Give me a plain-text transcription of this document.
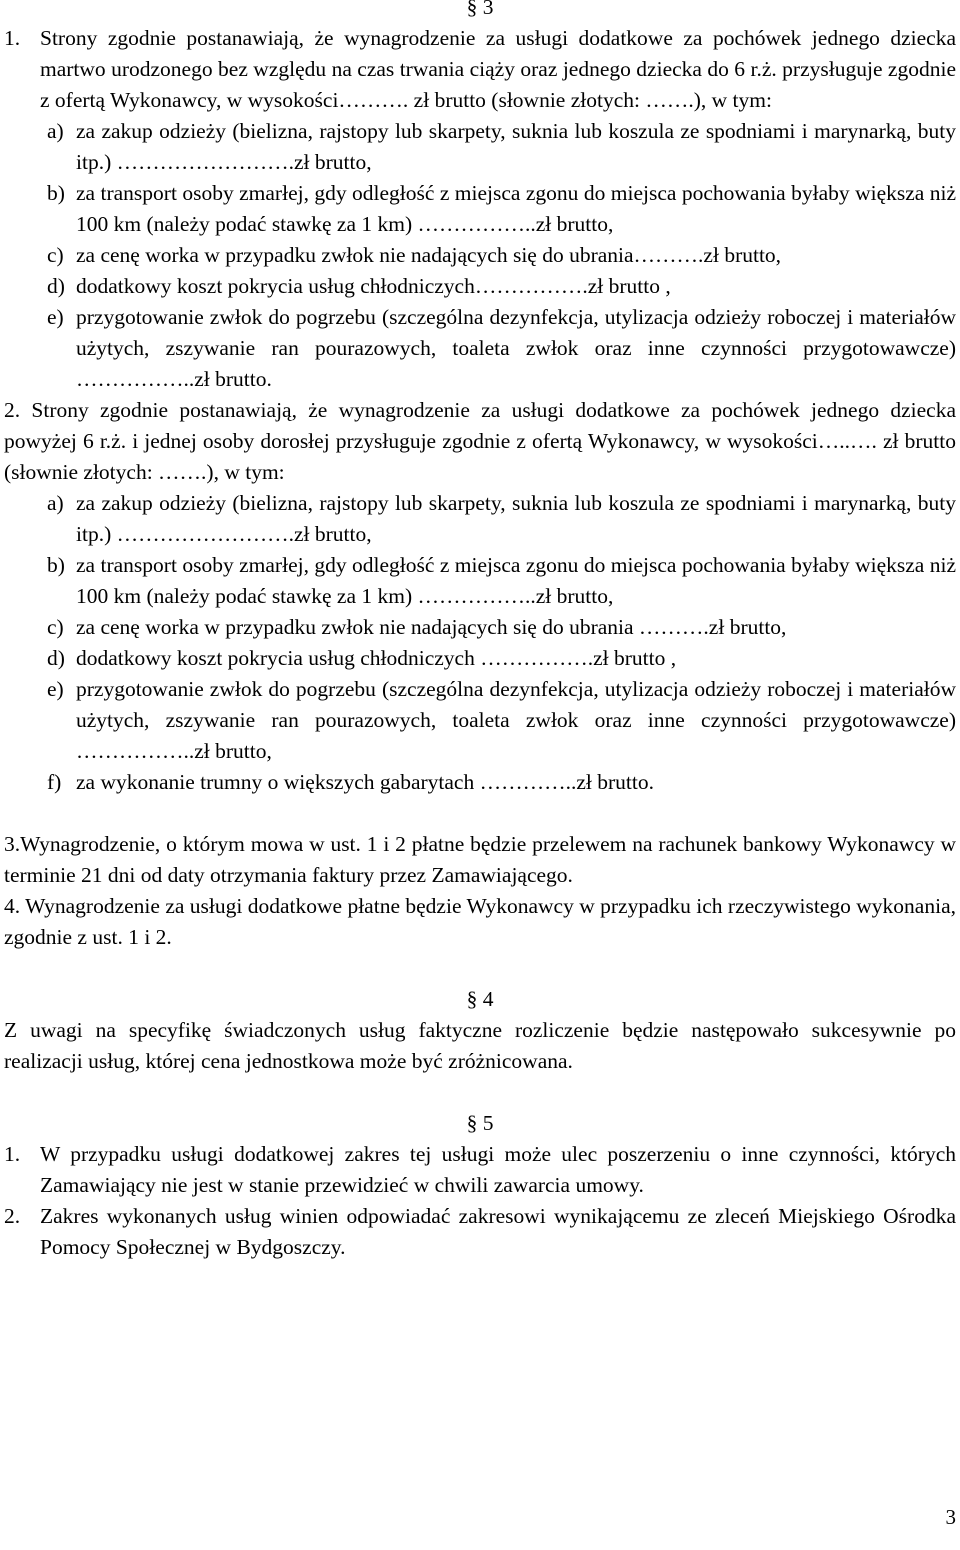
§ 3
1. Strony zgodnie postanawiają, że wynagrodzenie za usługi dodatkowe za pochówek jednego dziecka martwo urodzonego bez względu na czas trwania ciąży oraz jednego dziecka do 6 r.ż. przysługuje zgodnie z ofertą Wykonawcy, w wysokości………. zł brutto (słownie złotych: …….), w tym:
a) za zakup odzieży (bielizna, rajstopy lub skarpety, suknia lub koszula ze spodniami i marynarką, buty itp.) …………………….zł brutto,
b) za transport osoby zmarłej, gdy odległość z miejsca zgonu do miejsca pochowania byłaby większa niż 100 km (należy podać stawkę za 1 km) ……………..zł brutto,
c) za cenę worka w przypadku zwłok nie nadających się do ubrania……….zł brutto,
d) dodatkowy koszt pokrycia usług chłodniczych…………….zł brutto ,
e) przygotowanie zwłok do pogrzebu (szczególna dezynfekcja, utylizacja odzieży roboczej i materiałów użytych, zszywanie ran pourazowych, toaleta zwłok oraz inne czynności przygotowawcze) ……………..zł brutto.

2. Strony zgodnie postanawiają, że wynagrodzenie za usługi dodatkowe za pochówek jednego dziecka powyżej 6 r.ż. i jednej osoby dorosłej przysługuje zgodnie z ofertą Wykonawcy, w wysokości…..…. zł brutto (słownie złotych: …….), w tym:

a) za zakup odzieży (bielizna, rajstopy lub skarpety, suknia lub koszula ze spodniami i marynarką, buty itp.) …………………….zł brutto,
b) za transport osoby zmarłej, gdy odległość z miejsca zgonu do miejsca pochowania byłaby większa niż 100 km (należy podać stawkę za 1 km) ……………..zł brutto,
c) za cenę worka w przypadku zwłok nie nadających się do ubrania ……….zł brutto,
d) dodatkowy koszt pokrycia usług chłodniczych …………….zł brutto ,
e) przygotowanie zwłok do pogrzebu (szczególna dezynfekcja, utylizacja odzieży roboczej i materiałów użytych, zszywanie ran pourazowych, toaleta zwłok oraz inne czynności przygotowawcze) ……………..zł brutto,
f) za wykonanie trumny o większych gabarytach …………..zł brutto.

3.Wynagrodzenie, o którym mowa w ust. 1 i 2 płatne będzie przelewem na rachunek bankowy Wykonawcy w terminie 21 dni od daty otrzymania faktury przez Zamawiającego.

4. Wynagrodzenie za usługi dodatkowe płatne będzie Wykonawcy w przypadku ich rzeczywistego wykonania, zgodnie z ust. 1 i 2.

§ 4

Z uwagi na specyfikę świadczonych usług faktyczne rozliczenie będzie następowało sukcesywnie po realizacji usług, której cena jednostkowa może być zróżnicowana.

§ 5
1. W przypadku usługi dodatkowej zakres tej usługi może ulec poszerzeniu o inne czynności, których Zamawiający nie jest w stanie przewidzieć w chwili zawarcia umowy.
2. Zakres wykonanych usług winien odpowiadać zakresowi wynikającemu ze zleceń Miejskiego Ośrodka Pomocy Społecznej w Bydgoszczy.
3
